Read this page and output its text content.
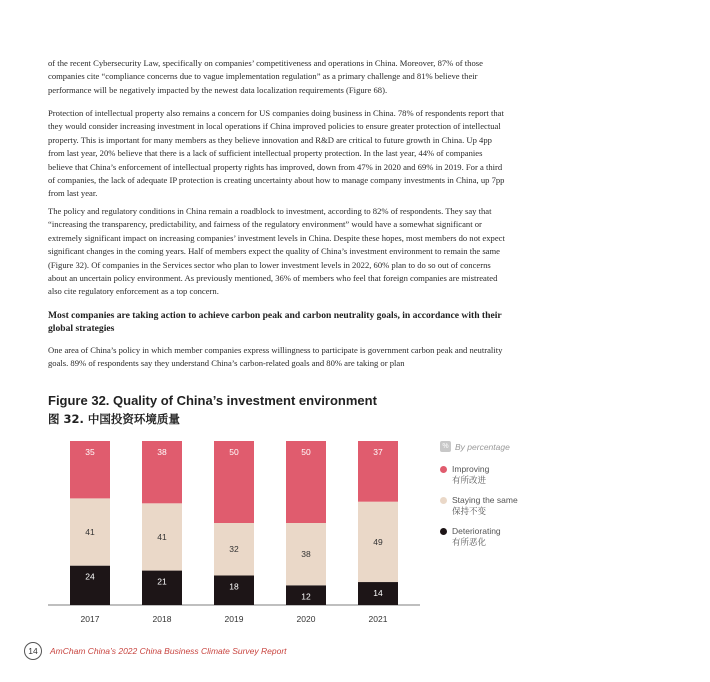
of the recent Cybersecurity Law, specifically on companies’ competitiveness and operations in China. Moreover, 87% of those companies cite “compliance concerns due to vague implementation regulation” as a primary challenge and 81% believe their performance will be negatively impacted by the newest data localization requirements (Figure 68).

Protection of intellectual property also remains a concern for US companies doing business in China. 78% of respondents report that they would consider increasing investment in local operations if China improved policies to ensure greater protection of intellectual property. This is important for many members as they believe innovation and R&D are critical to future growth in China. Up 4pp from last year, 20% believe that there is a lack of sufficient intellectual property protection. In the last year, 44% of companies believe that China’s enforcement of intellectual property rights has improved, down from 47% in 2020 and 69% in 2019. For a third of companies, the lack of adequate IP protection is creating uncertainty about how to manage company investments in China, up 7pp from last year.

The policy and regulatory conditions in China remain a roadblock to investment, according to 82% of respondents. They say that “increasing the transparency, predictability, and fairness of the regulatory environment” would have a somewhat significant or extremely significant impact on increasing companies’ investment levels in China. Despite these hopes, most members do not expect significant changes in the coming years. Half of members expect the quality of China’s investment environment to remain the same (Figure 32). Of companies in the Services sector who plan to lower investment levels in 2022, 60% plan to do so out of concerns about an uncertain policy environment. As previously mentioned, 36% of members who feel that foreign companies are mistreated also cite regulatory enforcement as a top concern.

Most companies are taking action to achieve carbon peak and carbon neutrality goals, in accordance with their global strategies

One area of China’s policy in which member companies express willingness to participate is government carbon peak and neutrality goals. 89% of respondents say they understand China’s carbon-related goals and 80% are taking or plan

Figure 32. Quality of China’s investment environment
图 32. 中国投资环境质量
24
41
35
2017
21
41
38
2018
18
32
50
2019
12
38
50
2020
14
49
37
2021
% By percentage
Improving
有所改进
Staying the same
保持不变
Deteriorating
有所恶化
14	AmCham China’s 2022 China Business Climate Survey Report
